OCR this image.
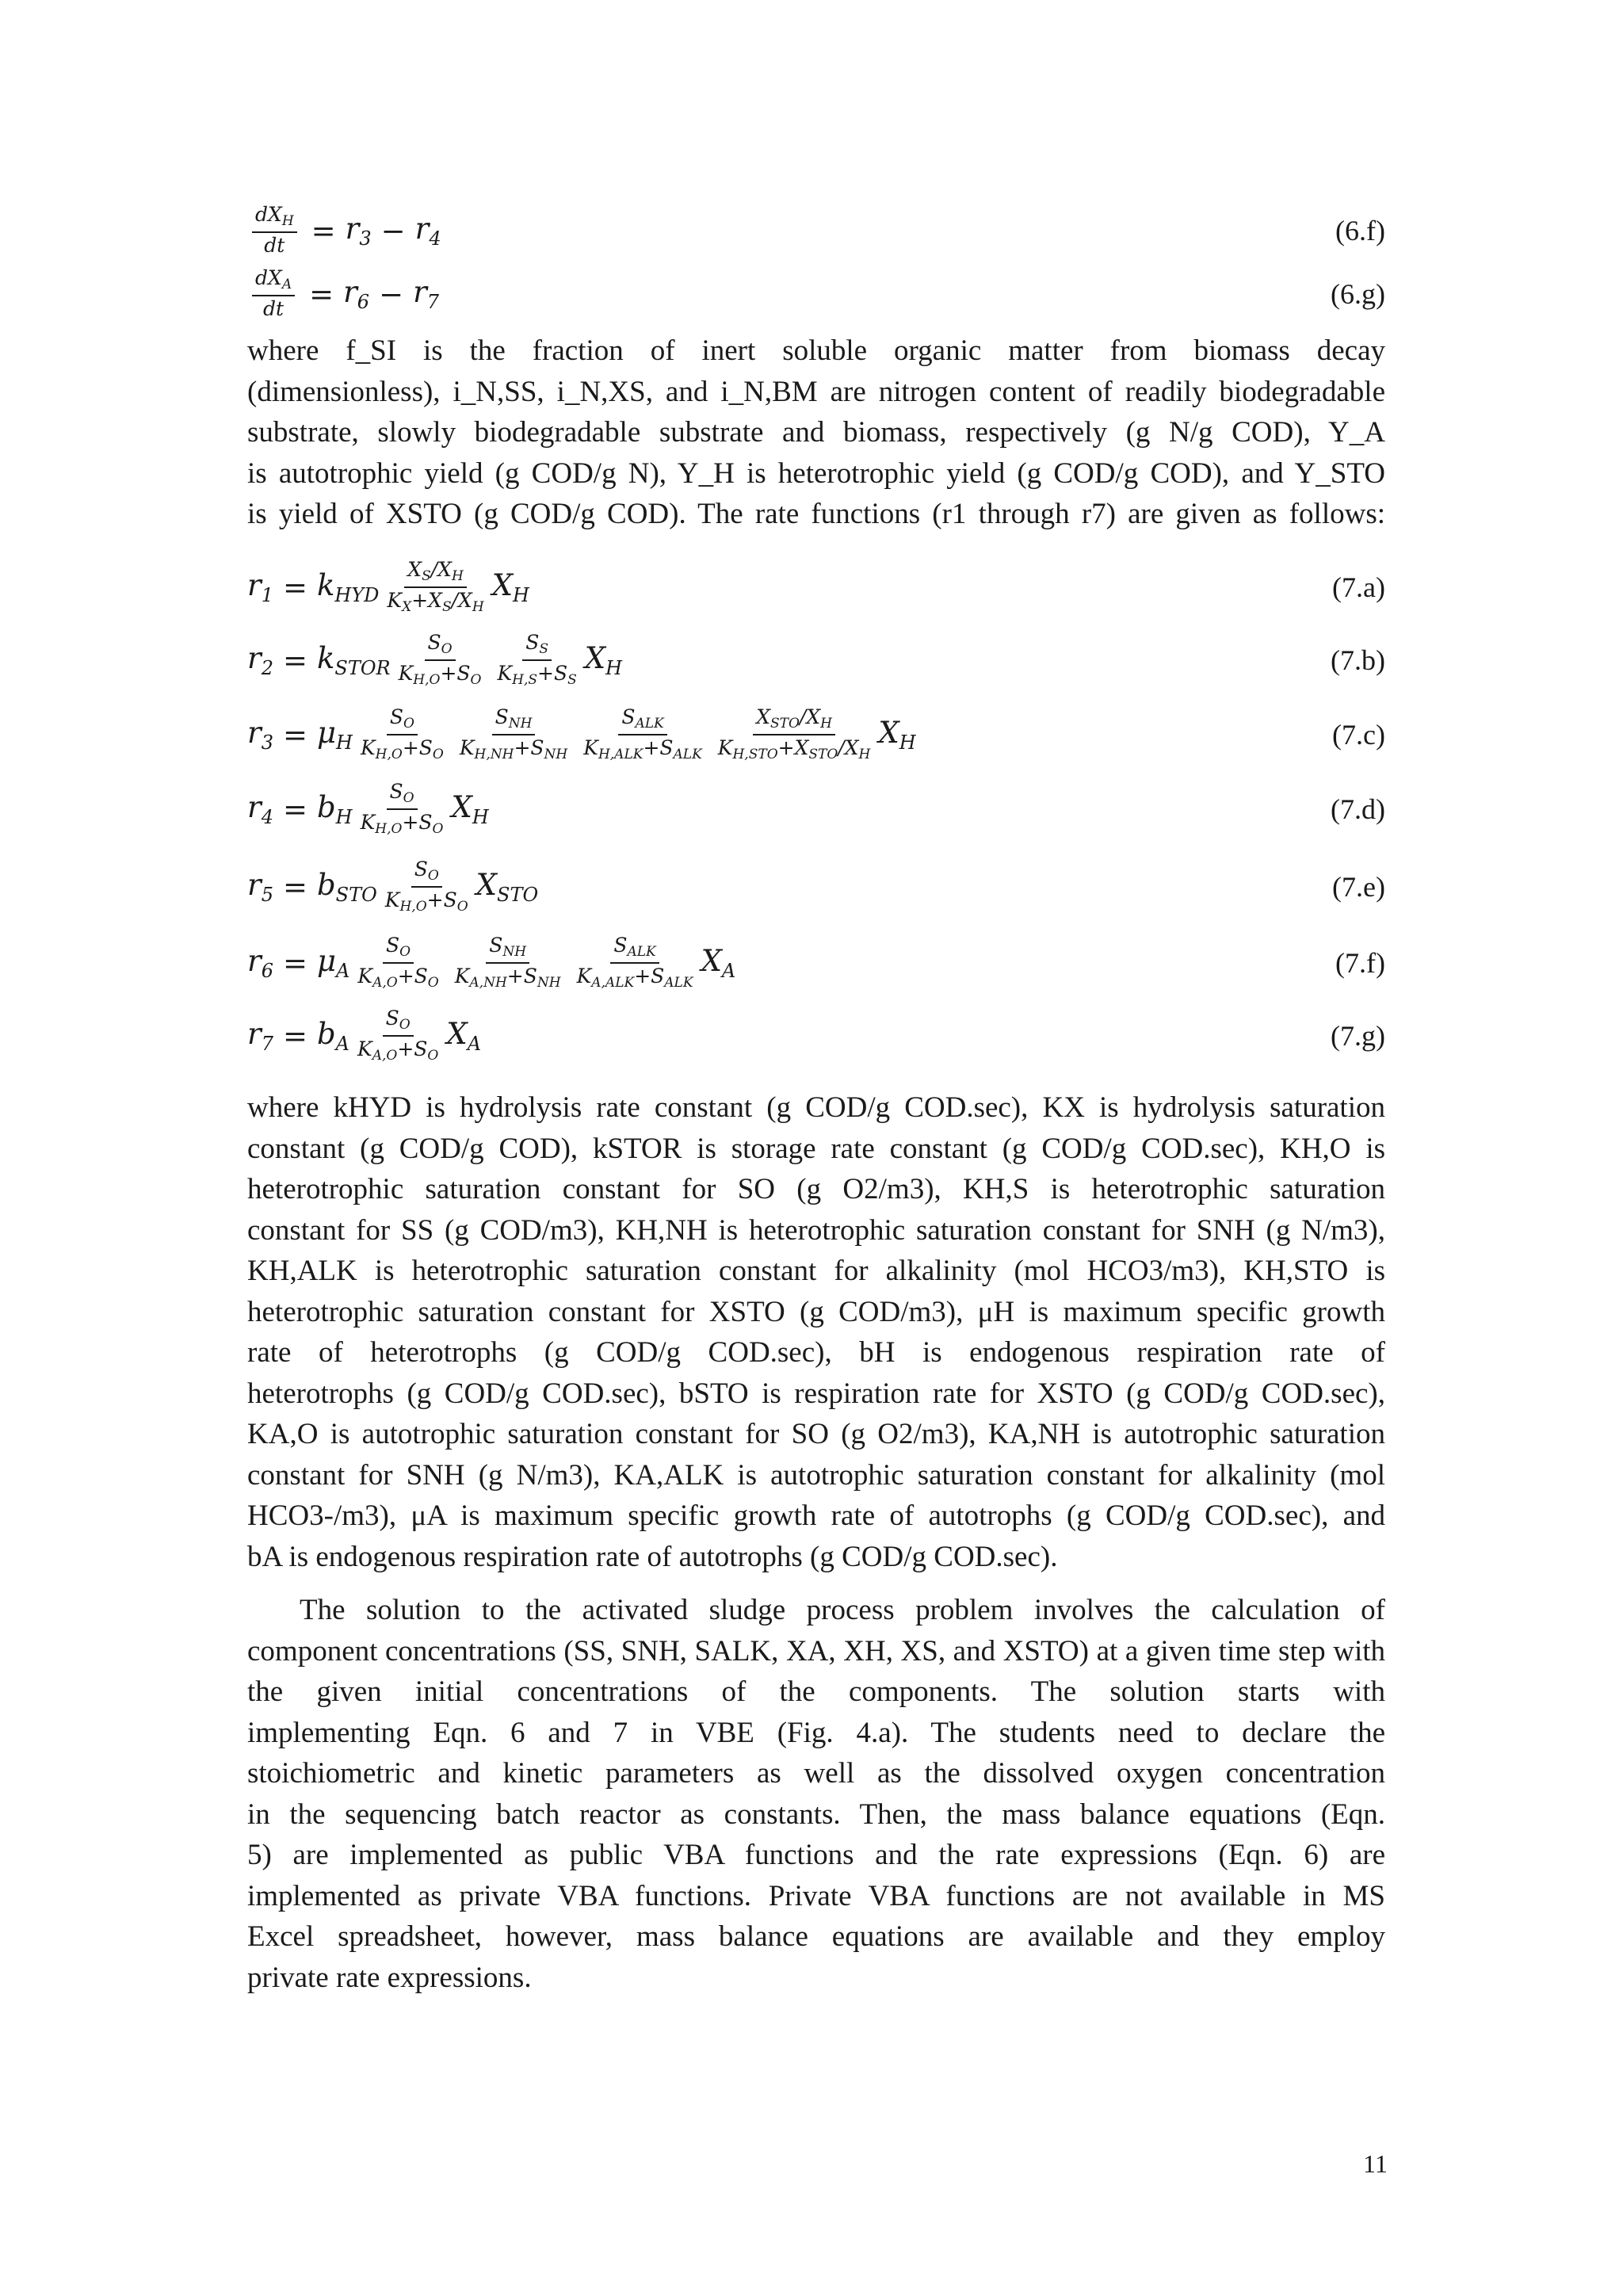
$\frac{dX_H}{dt} = r_3 - r_4$	(6.f)
$\frac{dX_A}{dt} = r_6 - r_7$	(6.g)
where f_SI is the fraction of inert soluble organic matter from biomass decay
(dimensionless), i_N,SS, i_N,XS, and i_N,BM are nitrogen content of readily biodegradable
substrate, slowly biodegradable substrate and biomass, respectively (g N/g COD), Y_A
is autotrophic yield (g COD/g N), Y_H is heterotrophic yield (g COD/g COD), and Y_STO
is yield of XSTO (g COD/g COD). The rate functions (r1 through r7) are given as follows:
$r_1 = k_{HYD} \frac{X_S/X_H}{K_X+X_S/X_H} X_H$	(7.a)
$r_2 = k_{STOR} \frac{S_O}{K_{H,O}+S_O} \frac{S_S}{K_{H,S}+S_S} X_H$	(7.b)
$r_3 = \mu_H \frac{S_O}{K_{H,O}+S_O} \frac{S_{NH}}{K_{H,NH}+S_{NH}} \frac{S_{ALK}}{K_{H,ALK}+S_{ALK}} \frac{X_{STO}/X_H}{K_{H,STO}+X_{STO}/X_H} X_H$	(7.c)
$r_4 = b_H \frac{S_O}{K_{H,O}+S_O} X_H$	(7.d)
$r_5 = b_{STO} \frac{S_O}{K_{H,O}+S_O} X_{STO}$	(7.e)
$r_6 = \mu_A \frac{S_O}{K_{A,O}+S_O} \frac{S_{NH}}{K_{A,NH}+S_{NH}} \frac{S_{ALK}}{K_{A,ALK}+S_{ALK}} X_A$	(7.f)
$r_7 = b_A \frac{S_O}{K_{A,O}+S_O} X_A$	(7.g)
where kHYD is hydrolysis rate constant (g COD/g COD.sec), KX is hydrolysis saturation
constant (g COD/g COD), kSTOR is storage rate constant (g COD/g COD.sec), KH,O is
heterotrophic saturation constant for SO (g O2/m3), KH,S is heterotrophic saturation
constant for SS (g COD/m3), KH,NH is heterotrophic saturation constant for SNH (g N/m3),
KH,ALK is heterotrophic saturation constant for alkalinity (mol HCO3/m3), KH,STO is
heterotrophic saturation constant for XSTO (g COD/m3), μH is maximum specific growth
rate of heterotrophs (g COD/g COD.sec), bH is endogenous respiration rate of
heterotrophs (g COD/g COD.sec), bSTO is respiration rate for XSTO (g COD/g COD.sec),
KA,O is autotrophic saturation constant for SO (g O2/m3), KA,NH is autotrophic saturation
constant for SNH (g N/m3), KA,ALK is autotrophic saturation constant for alkalinity (mol
HCO3-/m3), μA is maximum specific growth rate of autotrophs (g COD/g COD.sec), and
bA is endogenous respiration rate of autotrophs (g COD/g COD.sec).
The solution to the activated sludge process problem involves the calculation of
component concentrations (SS, SNH, SALK, XA, XH, XS, and XSTO) at a given time step with
the given initial concentrations of the components. The solution starts with
implementing Eqn. 6 and 7 in VBE (Fig. 4.a). The students need to declare the
stoichiometric and kinetic parameters as well as the dissolved oxygen concentration
in the sequencing batch reactor as constants. Then, the mass balance equations (Eqn.
5) are implemented as public VBA functions and the rate expressions (Eqn. 6) are
implemented as private VBA functions. Private VBA functions are not available in MS
Excel spreadsheet, however, mass balance equations are available and they employ
private rate expressions.
11
